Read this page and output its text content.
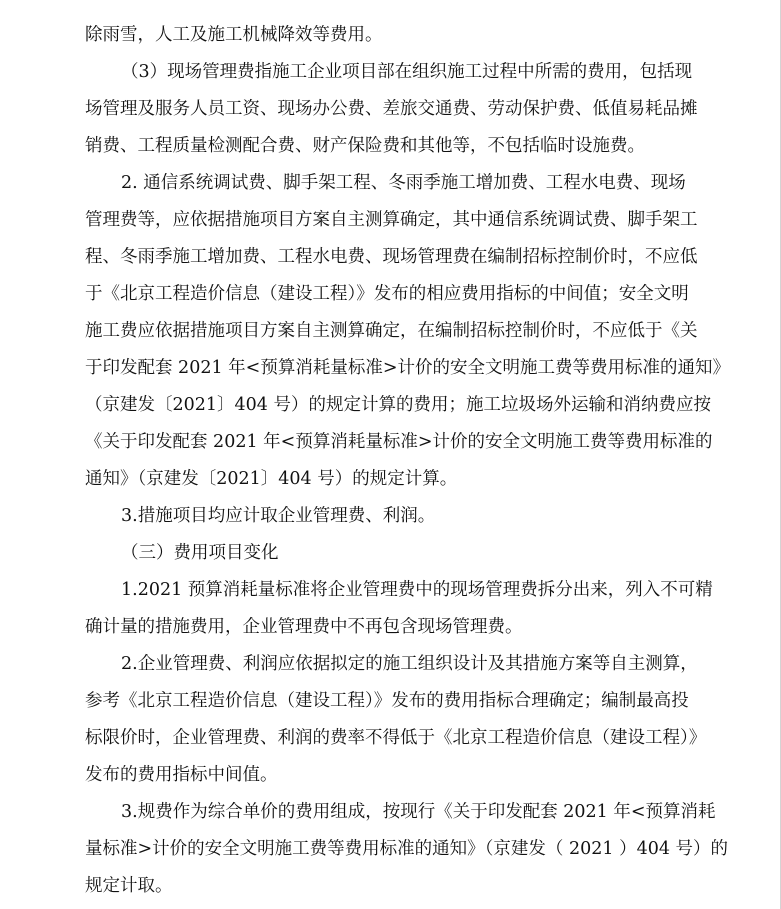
除雨雪，人工及施工机械降效等费用。
（3）现场管理费指施工企业项目部在组织施工过程中所需的费用，包括现
场管理及服务人员工资、现场办公费、差旅交通费、劳动保护费、低值易耗品摊
销费、工程质量检测配合费、财产保险费和其他等，不包括临时设施费。
2. 通信系统调试费、脚手架工程、冬雨季施工增加费、工程水电费、现场
管理费等，应依据措施项目方案自主测算确定，其中通信系统调试费、脚手架工
程、冬雨季施工增加费、工程水电费、现场管理费在编制招标控制价时，不应低
于《北京工程造价信息（建设工程）》发布的相应费用指标的中间值；安全文明
施工费应依据措施项目方案自主测算确定，在编制招标控制价时，不应低于《关
于印发配套 2021 年<预算消耗量标准>计价的安全文明施工费等费用标准的通知》
（京建发〔2021〕404 号）的规定计算的费用；施工垃圾场外运输和消纳费应按
《关于印发配套 2021 年<预算消耗量标准>计价的安全文明施工费等费用标准的
通知》（京建发〔2021〕404 号）的规定计算。
3.措施项目均应计取企业管理费、利润。
（三）费用项目变化
1.2021 预算消耗量标准将企业管理费中的现场管理费拆分出来，列入不可精
确计量的措施费用，企业管理费中不再包含现场管理费。
2.企业管理费、利润应依据拟定的施工组织设计及其措施方案等自主测算，
参考《北京工程造价信息（建设工程）》发布的费用指标合理确定；编制最高投
标限价时，企业管理费、利润的费率不得低于《北京工程造价信息（建设工程）》
发布的费用指标中间值。
3.规费作为综合单价的费用组成，按现行《关于印发配套 2021 年<预算消耗
量标准>计价的安全文明施工费等费用标准的通知》（京建发（ 2021 ）404 号）的
规定计取。
